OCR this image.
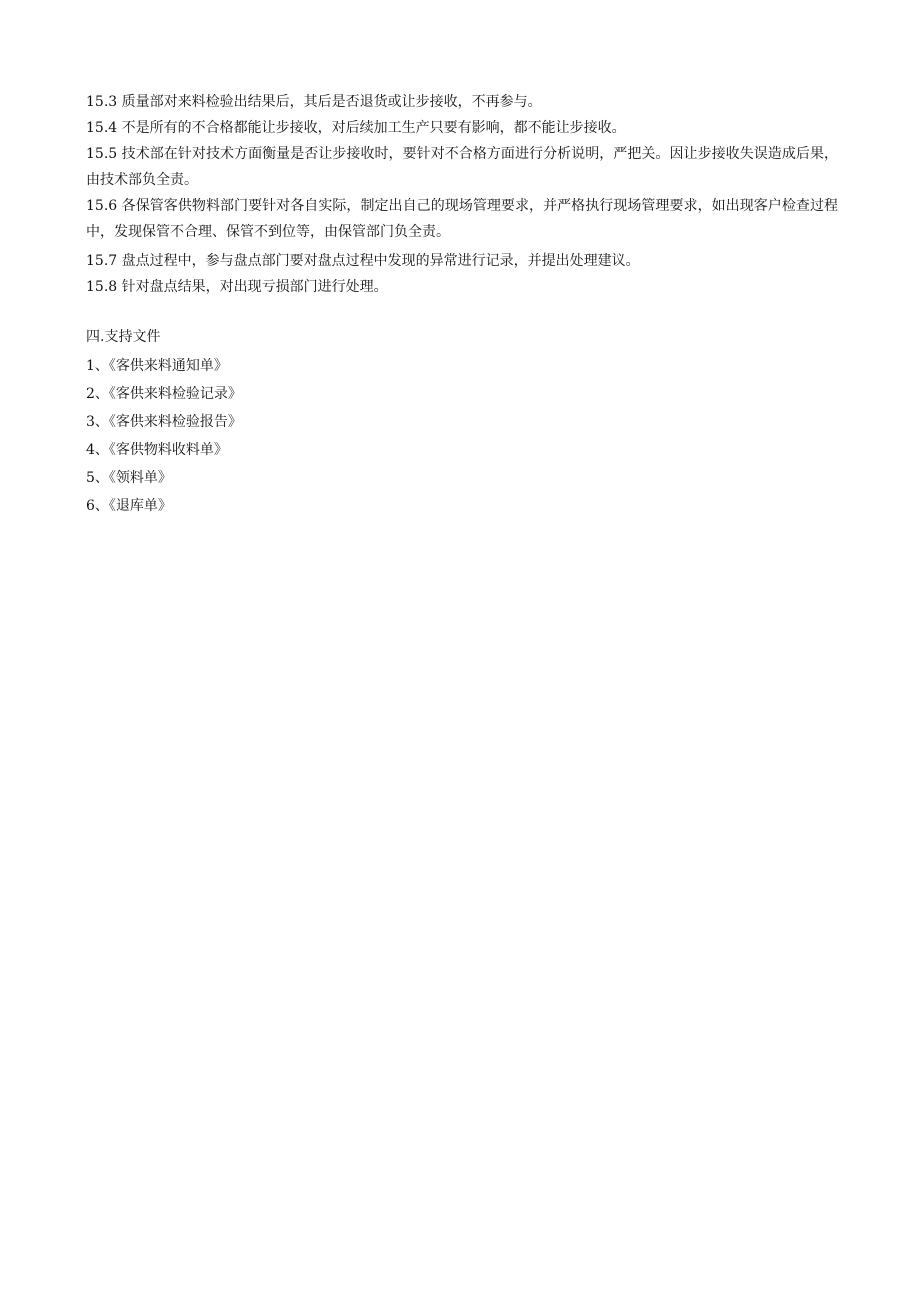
15.3 质量部对来料检验出结果后，其后是否退货或让步接收，不再参与。

15.4 不是所有的不合格都能让步接收，对后续加工生产只要有影响，都不能让步接收。

15.5 技术部在针对技术方面衡量是否让步接收时，要针对不合格方面进行分析说明，严把关。因让步接收失误造成后果，由技术部负全责。

15.6 各保管客供物料部门要针对各自实际，制定出自己的现场管理要求，并严格执行现场管理要求，如出现客户检查过程中，发现保管不合理、保管不到位等，由保管部门负全责。

15.7 盘点过程中，参与盘点部门要对盘点过程中发现的异常进行记录，并提出处理建议。

15.8 针对盘点结果，对出现亏损部门进行处理。

四.支持文件
1、《客供来料通知单》
2、《客供来料检验记录》
3、《客供来料检验报告》
4、《客供物料收料单》
5、《领料单》
6、《退库单》
